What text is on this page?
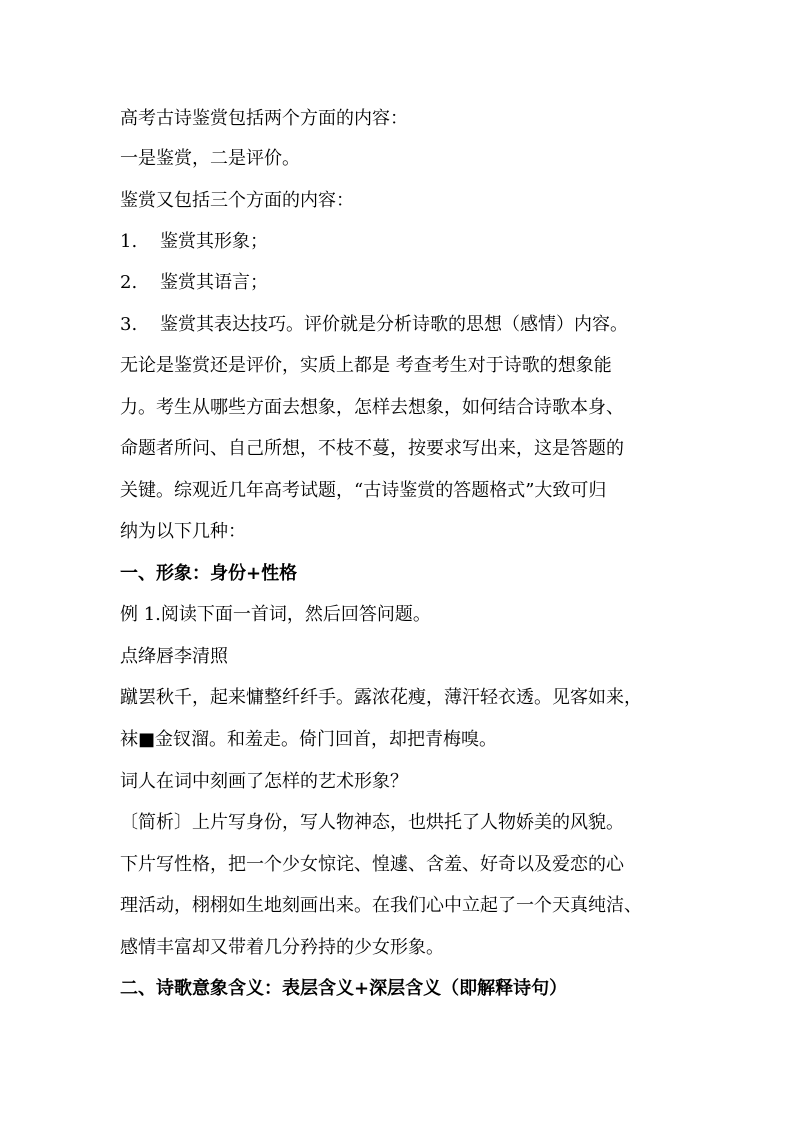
高考古诗鉴赏包括两个方面的内容：
一是鉴赏，二是评价。
鉴赏又包括三个方面的内容：
1. 鉴赏其形象；
2. 鉴赏其语言；
3. 鉴赏其表达技巧。评价就是分析诗歌的思想（感情）内容。
无论是鉴赏还是评价，实质上都是 考查考生对于诗歌的想象能
力。考生从哪些方面去想象，怎样去想象，如何结合诗歌本身、
命题者所问、自己所想，不枝不蔓，按要求写出来，这是答题的
关键。综观近几年高考试题，“古诗鉴赏的答题格式”大致可归
纳为以下几种：
一、形象：身份+性格
例 1.阅读下面一首词，然后回答问题。
点绛唇李清照
蹴罢秋千，起来慵整纤纤手。露浓花瘦，薄汗轻衣透。见客如来，
袜■金钗溜。和羞走。倚门回首，却把青梅嗅。
词人在词中刻画了怎样的艺术形象？
〔简析〕上片写身份，写人物神态，也烘托了人物娇美的风貌。
下片写性格，把一个少女惊诧、惶遽、含羞、好奇以及爱恋的心
理活动，栩栩如生地刻画出来。在我们心中立起了一个天真纯洁、
感情丰富却又带着几分矜持的少女形象。
二、诗歌意象含义：表层含义+深层含义（即解释诗句）
